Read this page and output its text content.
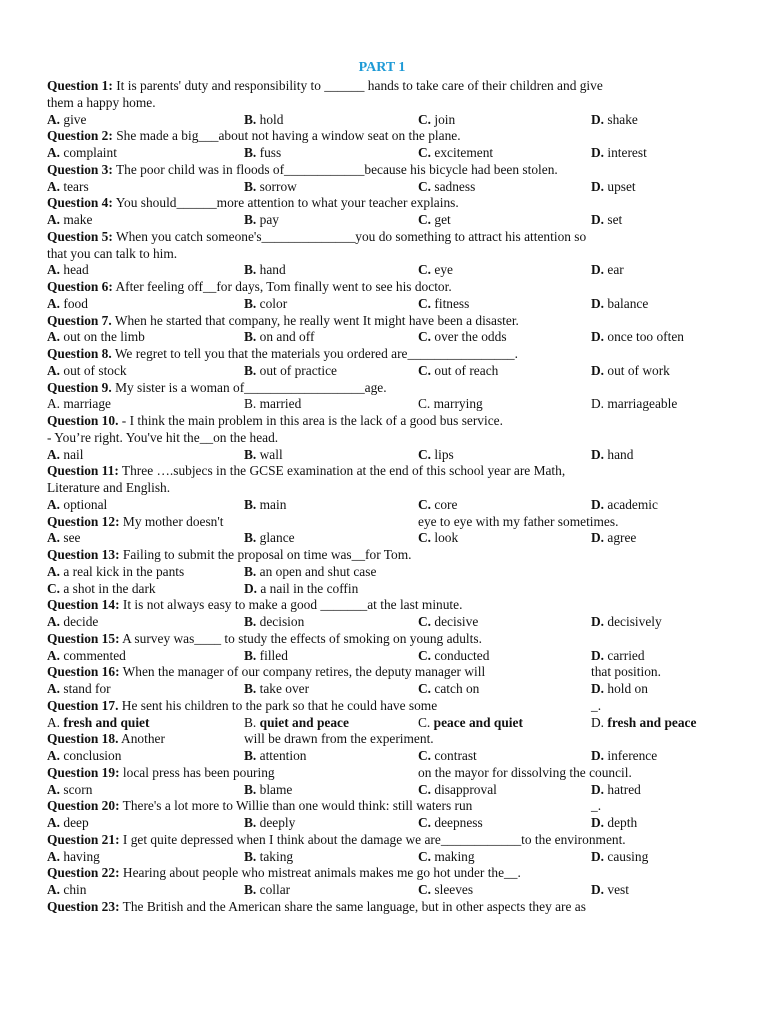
PART 1
Question 1: It is parents' duty and responsibility to ______ hands to take care of their children and give
them a happy home.
A. give	B. hold	C. join	D. shake
Question 2: She made a big___about not having a window seat on the plane.
A. complaint	B. fuss	C. excitement	D. interest
Question 3: The poor child was in floods of____________because his bicycle had been stolen.
A. tears	B. sorrow	C. sadness	D. upset
Question 4: You should______more attention to what your teacher explains.
A. make	B. pay	C. get	D. set
Question 5: When you catch someone's______________you do something to attract his attention so
that you can talk to him.
A. head	B. hand	C. eye	D. ear
Question 6: After feeling off__for days, Tom finally went to see his doctor.
A. food	B. color	C. fitness	D. balance
Question 7. When he started that company, he really went It might have been a disaster.
A. out on the limb	B. on and off	C. over the odds	D. once too often
Question 8. We regret to tell you that the materials you ordered are________________.
A. out of stock	B. out of practice	C. out of reach	D. out of work
Question 9. My sister is a woman of__________________age.
A. marriage	B. married	C. marrying	D. marriageable
Question 10. - I think the main problem in this area is the lack of a good bus service.
- You’re right. You've hit the__on the head.
A. nail	B. wall	C. lips	D. hand
Question 11: Three ….subjecs in the GCSE examination at the end of this school year are Math,
Literature and English.
A. optional	B. main	C. core	D. academic
Question 12: My mother doesn't	eye to eye with my father sometimes.
A. see	B. glance	C. look	D. agree
Question 13: Failing to submit the proposal on time was__for Tom.
A. a real kick in the pants	B. an open and shut case
C. a shot in the dark	D. a nail in the coffin
Question 14: It is not always easy to make a good _______at the last minute.
A. decide	B. decision	C. decisive	D. decisively
Question 15: A survey was____ to study the effects of smoking on young adults.
A. commented	B. filled	C. conducted	D. carried
Question 16: When the manager of our company retires, the deputy manager will	that position.
A. stand for	B. take over	C. catch on	D. hold on
Question 17. He sent his children to the park so that he could have some	_.
A. fresh and quiet	B. quiet and peace	C. peace and quiet	D. fresh and peace
Question 18. Another	will be drawn from the experiment.
A. conclusion	B. attention	C. contrast	D. inference
Question 19: local press has been pouring	on the mayor for dissolving the council.
A. scorn	B. blame	C. disapproval	D. hatred
Question 20: There's a lot more to Willie than one would think: still waters run	_.
A. deep	B. deeply	C. deepness	D. depth
Question 21: I get quite depressed when I think about the damage we are____________to the environment.
A. having	B. taking	C. making	D. causing
Question 22: Hearing about people who mistreat animals makes me go hot under the__.
A. chin	B. collar	C. sleeves	D. vest
Question 23: The British and the American share the same language, but in other aspects they are as
